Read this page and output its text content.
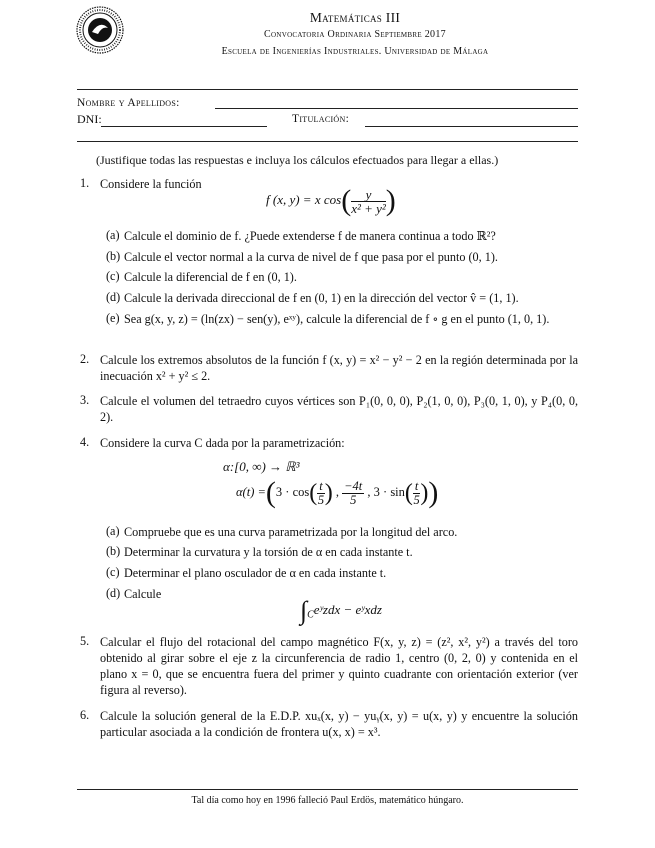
Matemáticas III
Convocatoria Ordinaria Septiembre 2017
Escuela de Ingenierías Industriales. Universidad de Málaga
Nombre y Apellidos:
DNI:	Titulación:
(Justifique todas las respuestas e incluya los cálculos efectuados para llegar a ellas.)
1. Considere la función
f (x, y) = x $\cos( \frac{y}{\text{x² + y²}}$ )
(a) Calcule el dominio de f. ¿Puede extenderse f de manera continua a todo ℝ²?
(b) Calcule el vector normal a la curva de nivel de f que pasa por el punto (0, 1).
(c) Calcule la diferencial de f en (0, 1).
(d) Calcule la derivada direccional de f en (0, 1) en la dirección del vector v̂ = (1, 1).
(e) Sea g(x, y, z) = (ln(zx) − sen(y), eˣʸ), calcule la diferencial de f ∘ g en el punto (1, 0, 1).
2. Calcule los extremos absolutos de la función f (x, y) = x² − y² − 2 en la región determinada por la inecuación x² + y² ≤ 2.
3. Calcule el volumen del tetraedro cuyos vértices son P₁(0, 0, 0), P₂(1, 0, 0), P₃(0, 1, 0), y P₄(0, 0, 2).
4. Considere la curva C dada por la parametrización:
α:[0, ∞) → ℝ³
$\alpha(t) =(3 \cdot \cos( \frac{t}{5}$ ) , $\frac{-4t}{5}$ , $3 \cdot \sin( \frac{t}{5}$ ))
(a) Compruebe que es una curva parametrizada por la longitud del arco.
(b) Determinar la curvatura y la torsión de α en cada instante t.
(c) Determinar el plano osculador de α en cada instante t.
(d) Calcule
$\int_Ceʸzdx$ − eʸxdz
5. Calcular el flujo del rotacional del campo magnético F(x, y, z) = (z², x², y²) a través del toro obtenido al girar sobre el eje z la circunferencia de radio 1, centro (0, 2, 0) y contenida en el plano x = 0, que se encuentra fuera del primer y quinto cuadrante con orientación exterior (ver figura al reverso).
6. Calcule la solución general de la E.D.P. xuₓ(x, y) − yuᵧ(x, y) = u(x, y) y encuentre la solución particular asociada a la condición de frontera u(x, x) = x³.
Tal día como hoy en 1996 falleció Paul Erdös, matemático húngaro.
